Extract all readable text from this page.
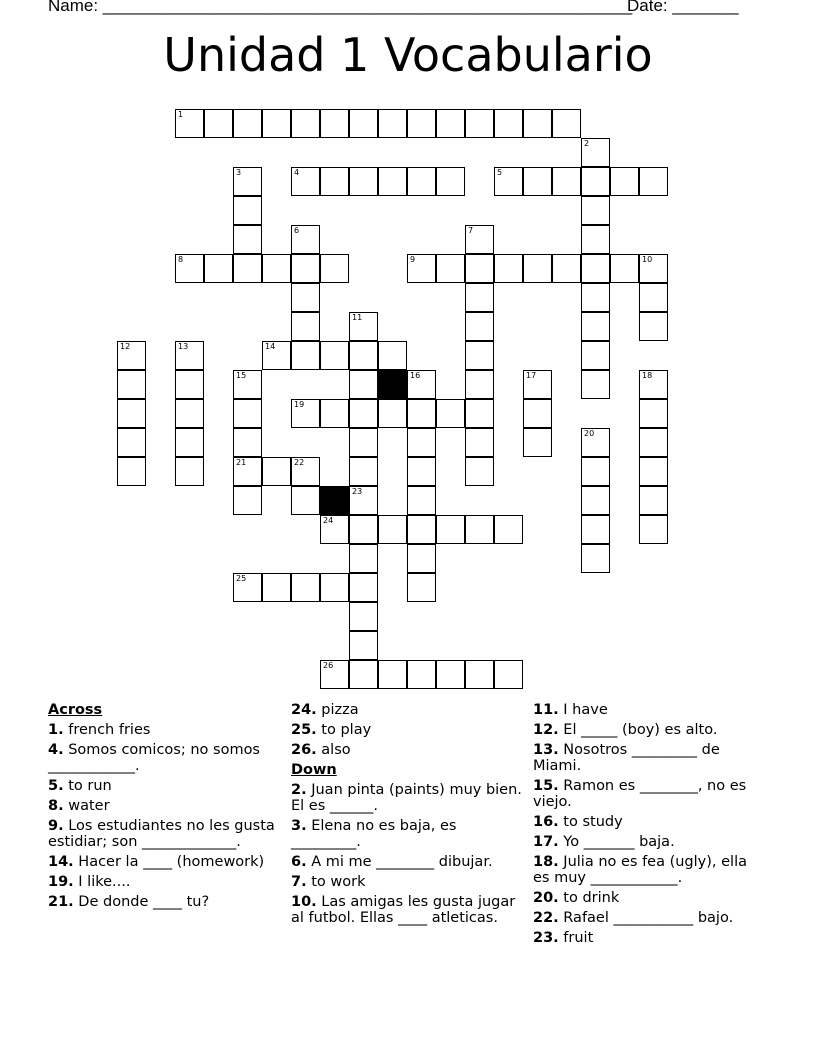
Name: ________________________________________________________
Date: _______
Unidad 1 Vocabulario
1
2
3	4	5
6	7
8	9	10
11
12	13	14
15
21
16	17	18
19
20
22
23
24
25
26
Across
1. french fries
4. Somos comicos; no somos ____________.
5. to run
8. water
9. Los estudiantes no les gusta estidiar; son _____________.
14. Hacer la ____ (homework)
19. I like....
21. De donde ____ tu?
24. pizza
25. to play
26. also
Down
2. Juan pinta (paints) muy bien. El es ______.
3. Elena no es baja, es _________.
6. A mi me ________ dibujar.
7. to work
10. Las amigas les gusta jugar al futbol. Ellas ____ atleticas.
11. I have
12. El _____ (boy) es alto.
13. Nosotros _________ de Miami.
15. Ramon es ________, no es viejo.
16. to study
17. Yo _______ baja.
18. Julia no es fea (ugly), ella es muy ____________.
20. to drink
22. Rafael ___________ bajo.
23. fruit
